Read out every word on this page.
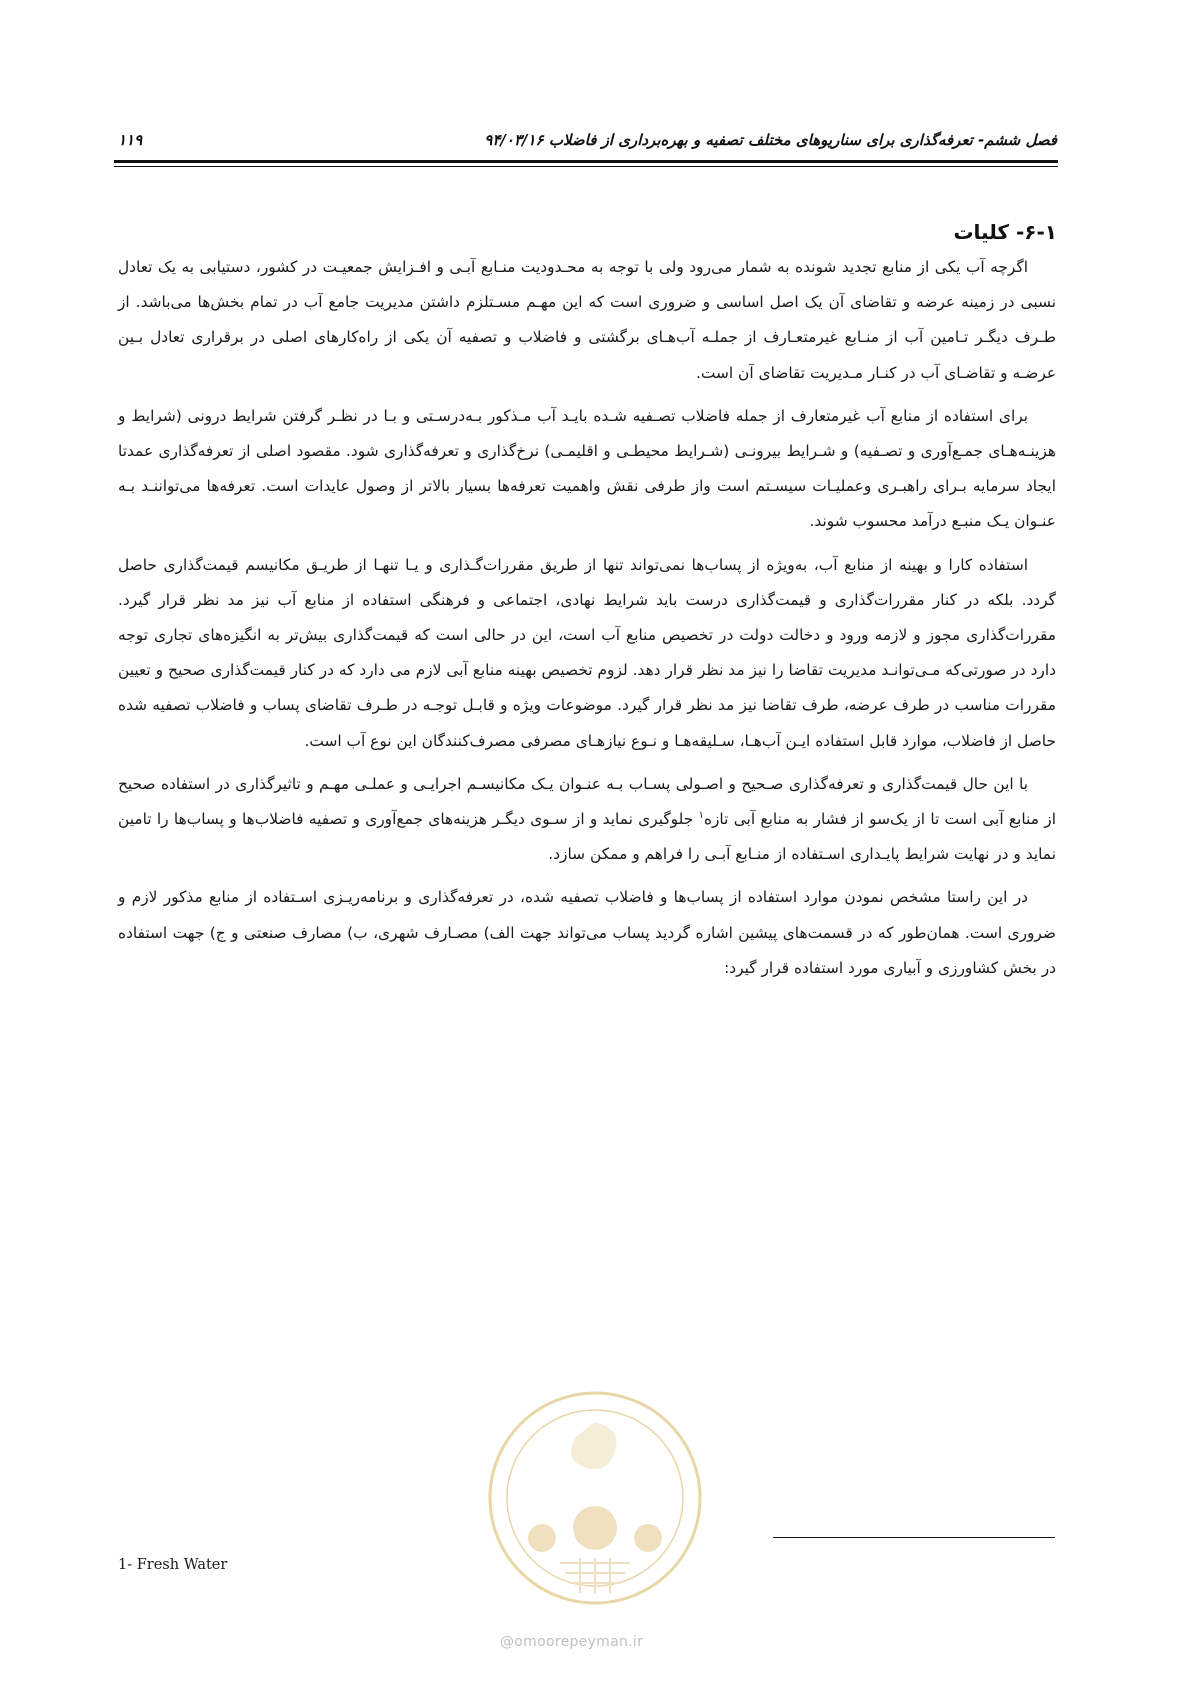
فصل ششم- تعرفه‌گذاری برای سناریوهای مختلف تصفیه و بهره‌برداری از فاضلاب ۹۴/۰۳/۱۶
۱۱۹
۶-۱- کلیات

اگرچه آب یکی از منابع تجدید شونده به شمار می‌رود ولی با توجه به محـدودیت منـابع آبـی و افـزایش جمعیـت در کشور، دستیابی به یک تعادل نسبی در زمینه عرضه و تقاضای آن یک اصل اساسی و ضروری است که این مهـم مسـتلزم داشتن مدیریت جامع آب در تمام بخش‌ها می‌باشد. از طـرف دیگـر تـامین آب از منـابع غیرمتعـارف از جملـه آب‌هـای برگشتی و فاضلاب و تصفیه آن یکی از راه‌کارهای اصلی در برقراری تعادل بـین عرضـه و تقاضـای آب در کنـار مـدیریت تقاضای آن است.

برای استفاده از منابع آب غیرمتعارف از جمله فاضلاب تصـفیه شـده بایـد آب مـذکور بـه‌درسـتی و بـا در نظـر گرفتن شرایط درونی (شرایط و هزینـه‌هـای جمـع‌آوری و تصـفیه) و شـرایط بیرونـی (شـرایط محیطـی و اقلیمـی) نرخ‌گذاری و تعرفه‌گذاری شود. مقصود اصلی از تعرفه‌گذاری عمدتا ایجاد سرمایه بـرای راهبـری وعملیـات سیسـتم است واز طرفی نقش واهمیت تعرفه‌ها بسیار بالاتر از وصول عایدات است. تعرفه‌ها می‌تواننـد بـه عنـوان یـک منبـع درآمد محسوب شوند.

استفاده کارا و بهینه از منابع آب، به‌ویژه از پساب‌ها نمی‌تواند تنها از طریق مقررات‌گـذاری و یـا تنهـا از طریـق مکانیسم قیمت‌گذاری حاصل گردد. بلکه در کنار مقررات‌گذاری و قیمت‌گذاری درست باید شرایط نهادی، اجتماعی و فرهنگی استفاده از منابع آب نیز مد نظر قرار گیرد. مقررات‌گذاری مجوز و لازمه ورود و دخالت دولت در تخصیص منابع آب است، این در حالی است که قیمت‌گذاری بیش‌تر به انگیزه‌های تجاری توجه دارد در صورتی‌که مـی‌توانـد مدیریت تقاضا را نیز مد نظر قرار دهد. لزوم تخصیص بهینه منابع آبی لازم می دارد که در کنار قیمت‌گذاری صحیح و تعیین مقررات مناسب در طرف عرضه، طرف تقاضا نیز مد نظر قرار گیرد. موضوعات ویژه و قابـل توجـه در طـرف تقاضای پساب و فاضلاب تصفیه شده حاصل از فاضلاب، موارد قابل استفاده ایـن آب‌هـا، سـلیقه‌هـا و نـوع نیازهـای مصرفی مصرف‌کنندگان این نوع آب است.

با این حال قیمت‌گذاری و تعرفه‌گذاری صـحیح و اصـولی پسـاب بـه عنـوان یـک مکانیسـم اجرایـی و عملـی مهـم و تاثیرگذاری در استفاده صحیح از منابع آبی است تا از یک‌سو از فشار به منابع آبی تازه$^۱$ جلوگیری نماید و از سـوی دیگـر هزینه‌های جمع‌آوری و تصفیه فاضلاب‌ها و پساب‌ها را تامین نماید و در نهایت شرایط پایـداری اسـتفاده از منـابع آبـی را فراهم و ممکن سازد.

در این راستا مشخص نمودن موارد استفاده از پساب‌ها و فاضلاب تصفیه شده، در تعرفه‌گذاری و برنامه‌ریـزی اسـتفاده از منابع مذکور لازم و ضروری است. همان‌طور که در قسمت‌های پیشین اشاره گردید پساب می‌تواند جهت الف) مصـارف شهری، ب) مصارف صنعتی و ج) جهت استفاده در بخش کشاورزی و آبیاری مورد استفاده قرار گیرد:

@omoorepeyman.ir
1- Fresh Water
